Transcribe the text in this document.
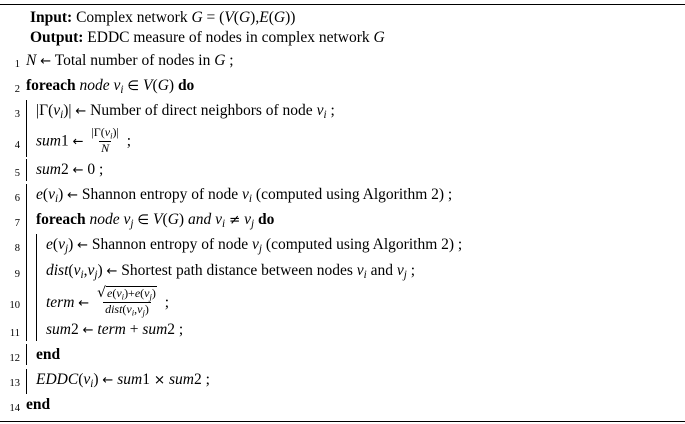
Input: Complex network G = (V(G),E(G))
Output: EDDC measure of nodes in complex network G
1 N ← Total number of nodes in G ;
2 foreach node $v_i$ ∈ V(G) do
3 $|\Gamma(v_i)|$ ← Number of direct neighbors of node $v_i$ ;
4 sum1 ← $\frac{|\Gamma(v_i)|}{N}$ ;
5 sum2 ← 0 ;
6 $e(v_i)$ ← Shannon entropy of node $v_i$ (computed using Algorithm 2) ;
7 foreach node $v_j$ ∈ V(G) and $v_i \ne v_j$ do
8 $e(v_j)$ ← Shannon entropy of node $v_j$ (computed using Algorithm 2) ;
9 $dist(v_i,v_j)$ ← Shortest path distance between nodes $v_i$ and $v_j$ ;
10 term ← $\frac{√ e(v_i)+e(v_j)}{dist(v_i,v_j)}$ ;
11 sum2 ← term + sum2 ;
12 end
13 $EDDC(v_i)$ ← sum1 × sum2 ;
14 end
